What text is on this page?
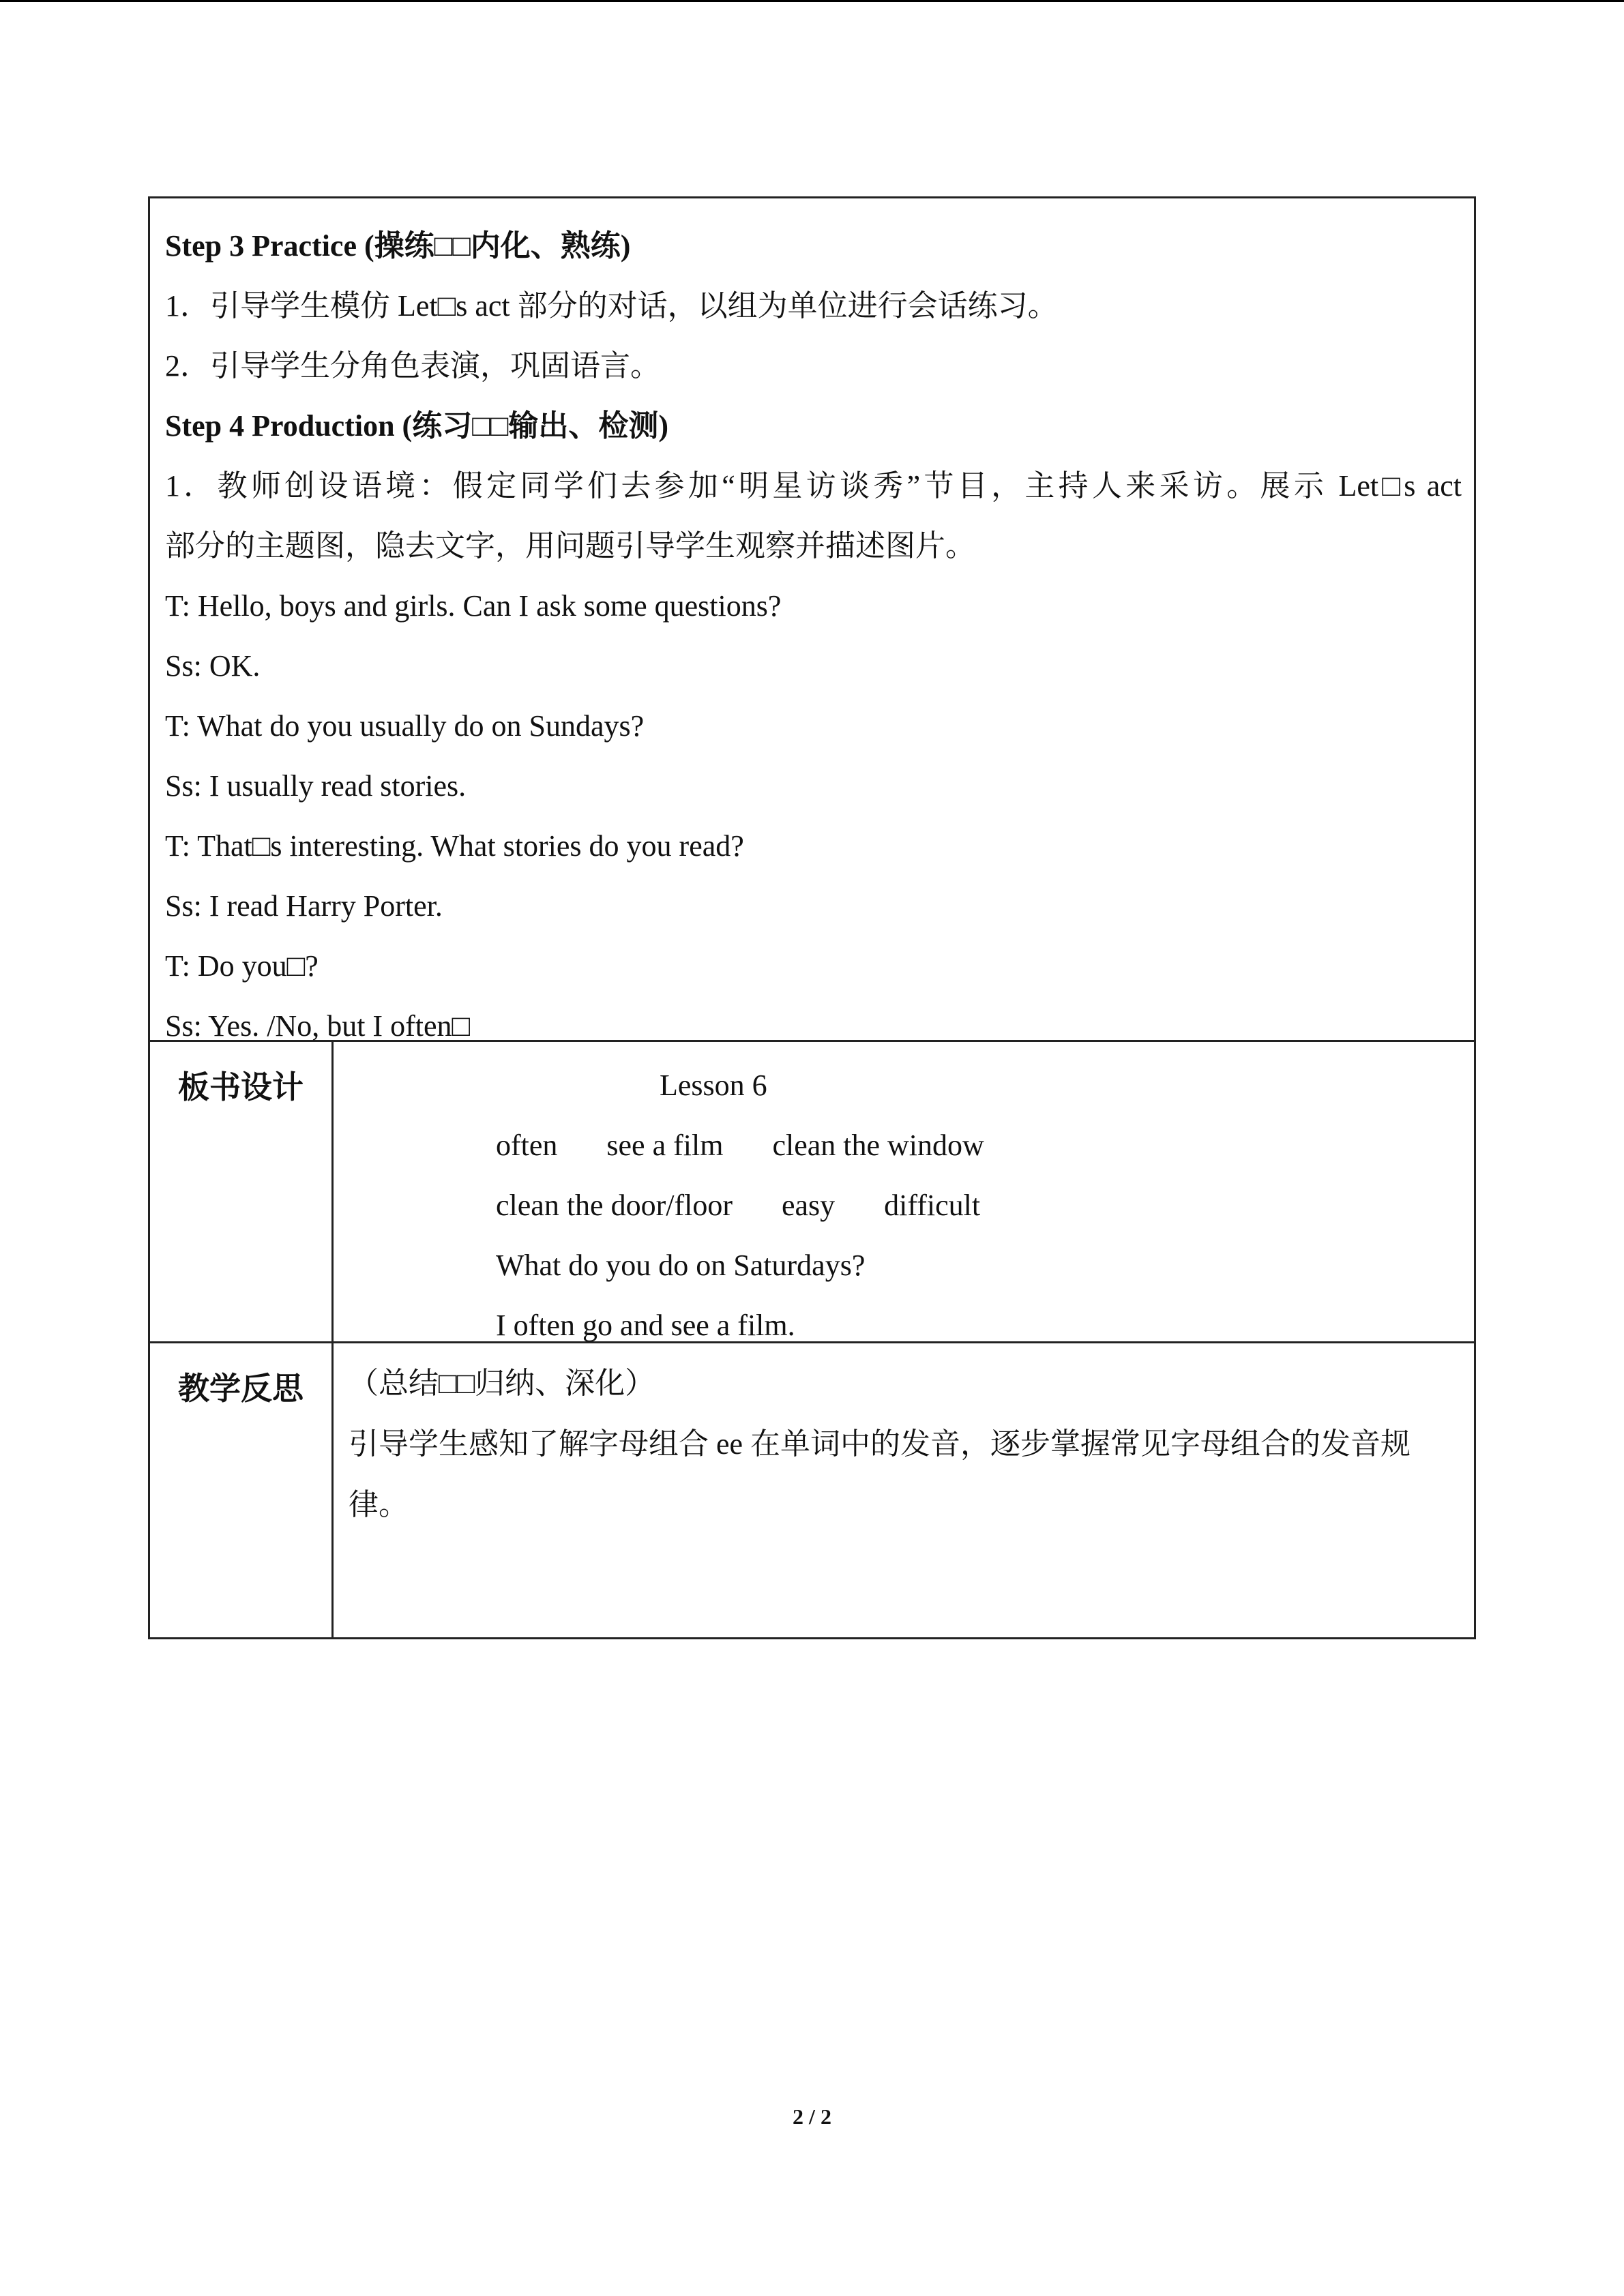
Step 3 Practice (操练□□内化、熟练)
1．引导学生模仿 Let□s act 部分的对话，以组为单位进行会话练习。
2．引导学生分角色表演，巩固语言。
Step 4 Production (练习□□输出、检测)
1．教师创设语境：假定同学们去参加“明星访谈秀”节目，主持人来采访。展示 Let□s act
部分的主题图，隐去文字，用问题引导学生观察并描述图片。
T: Hello, boys and girls. Can I ask some questions?
Ss: OK.
T: What do you usually do on Sundays?
Ss: I usually read stories.
T: That□s interesting. What stories do you read?
Ss: I read Harry Porter.
T: Do you□?
Ss: Yes. /No, but I often□
板书设计	Lesson 6
often see a film clean the window
clean the door/floor easy difficult
What do you do on Saturdays?
I often go and see a film.
教学反思	（总结□□归纳、深化）
引导学生感知了解字母组合 ee 在单词中的发音，逐步掌握常见字母组合的发音规律。
2 / 2
